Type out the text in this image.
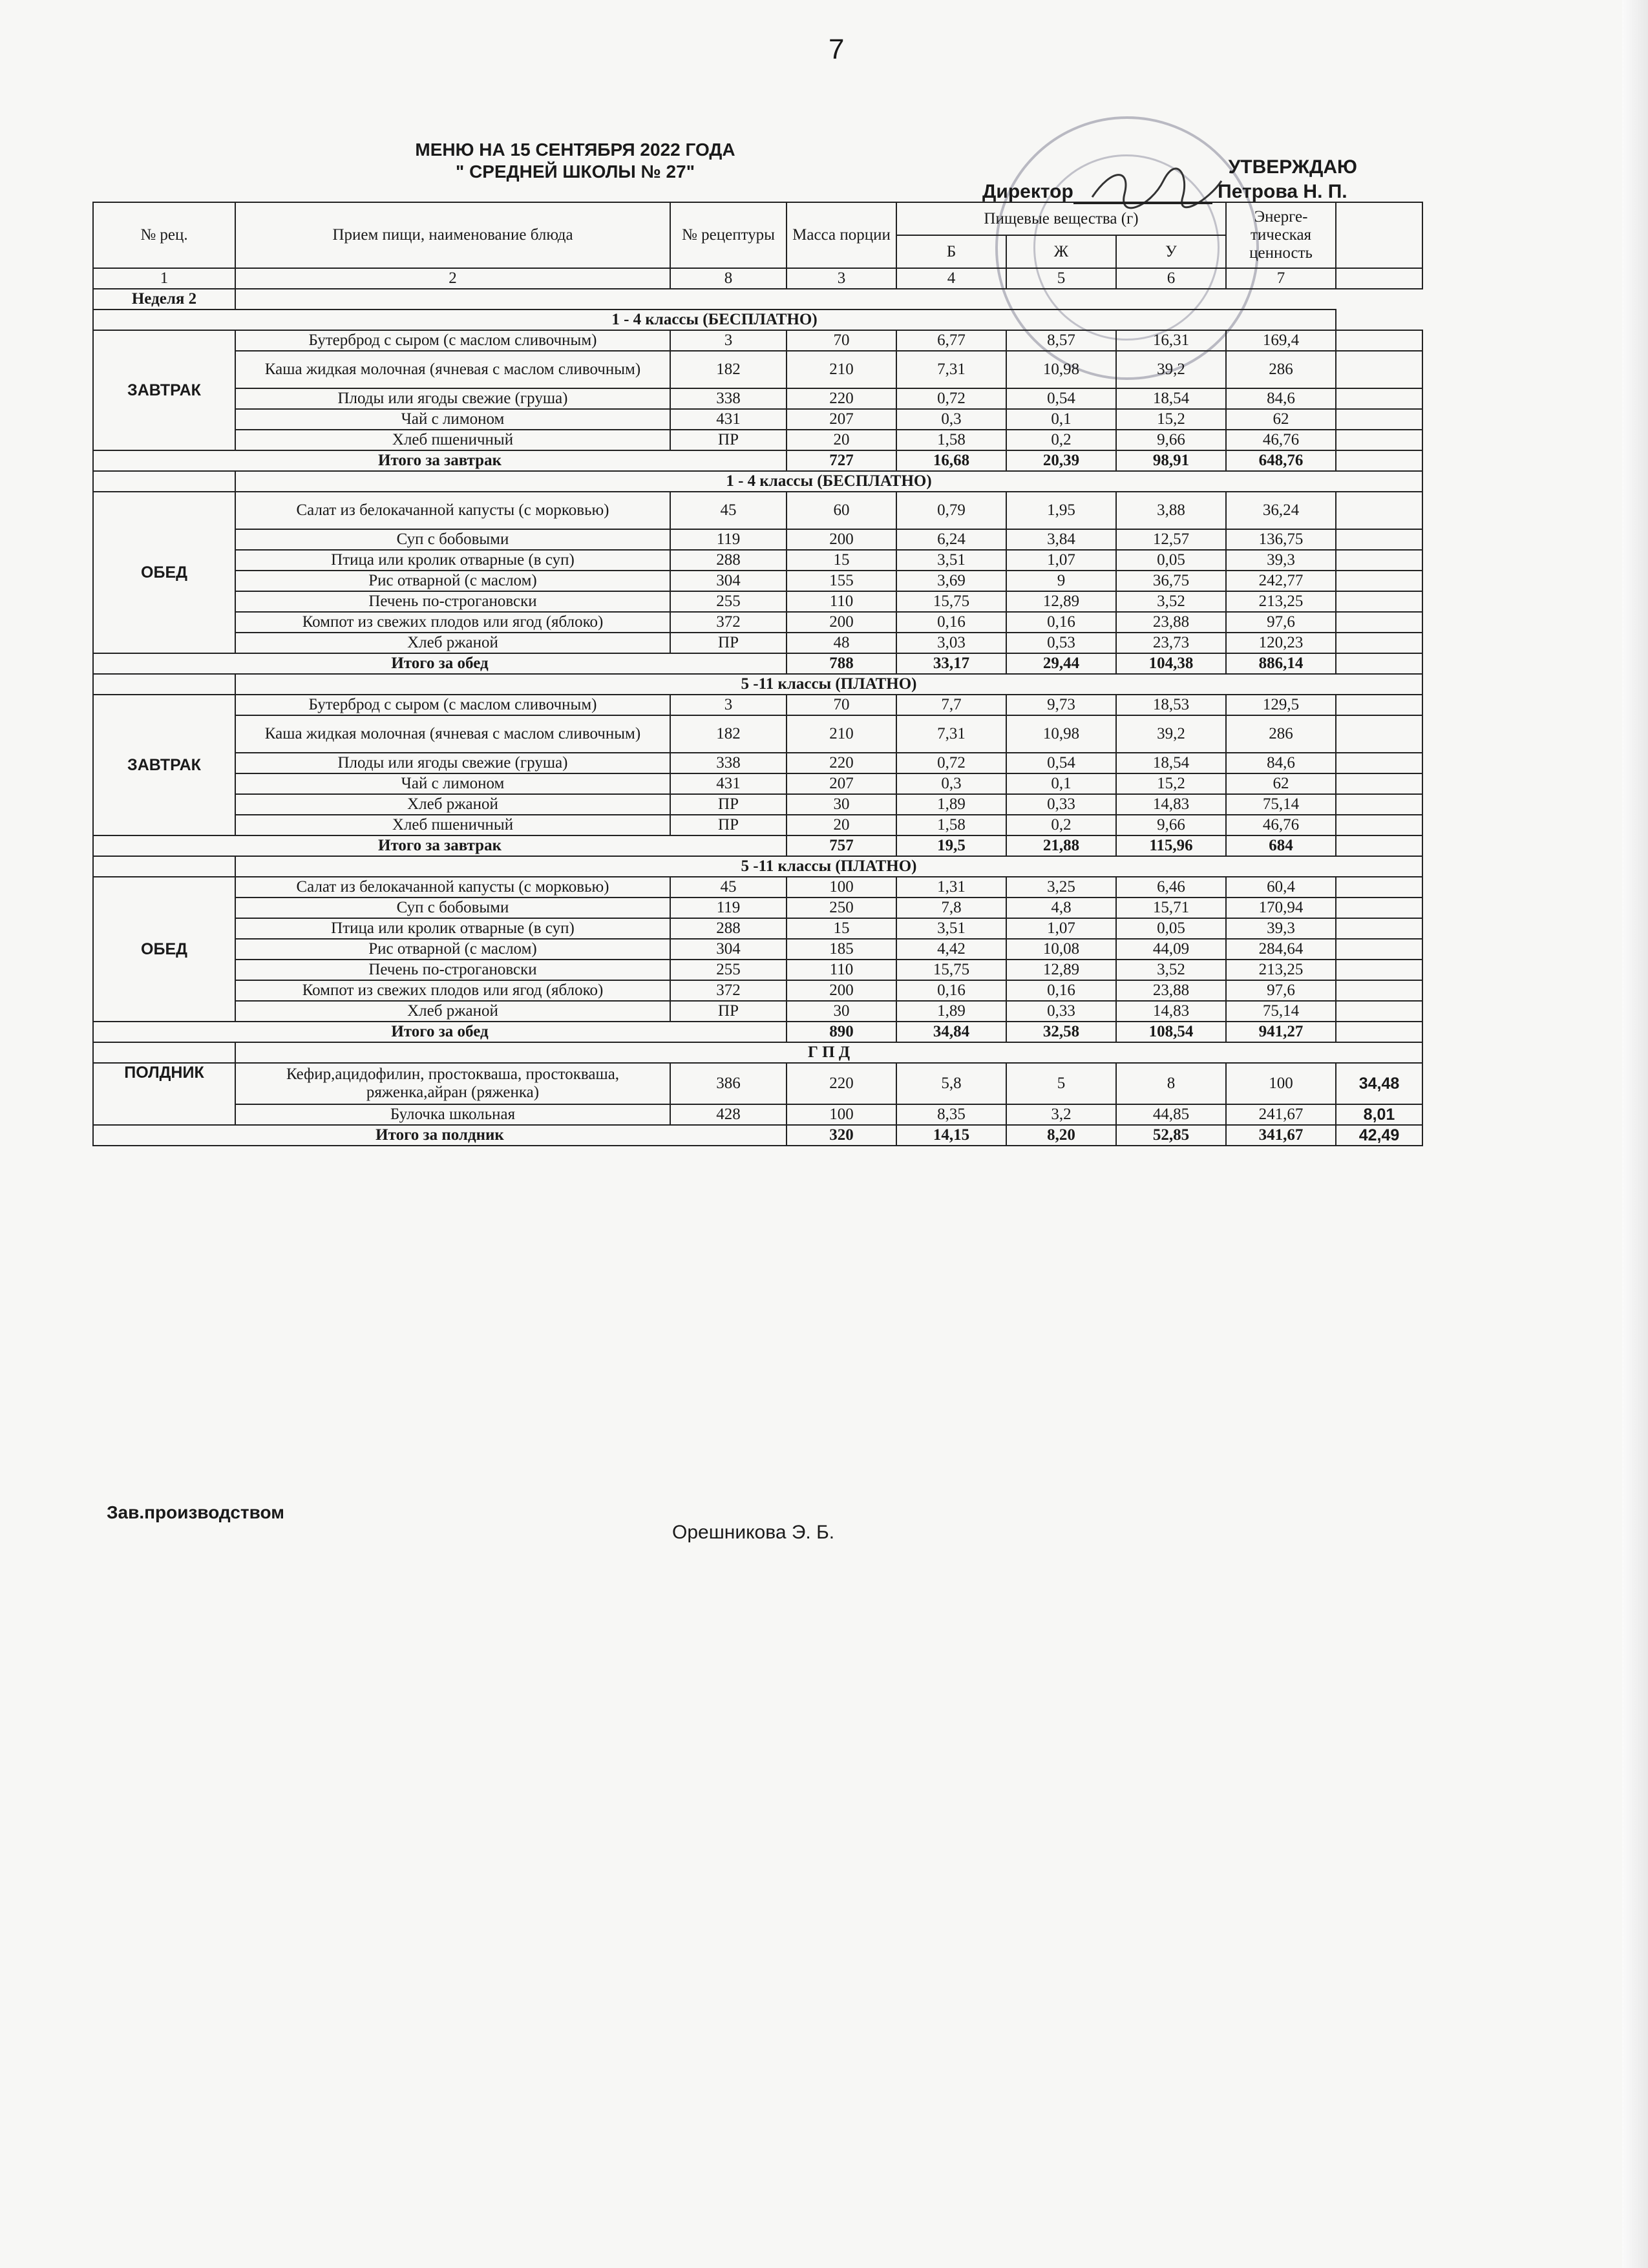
7
МЕНЮ НА 15 СЕНТЯБРЯ 2022 ГОДА
" СРЕДНЕЙ ШКОЛЫ № 27"	УТВЕРЖДАЮ
Директор	Петрова Н. П.
№ рец.	Прием пищи, наименование блюда	№ рецептуры	Масса порции	Пищевые вещества (г)			Энерге-тическая ценность	
				Б	Ж	У		
1	2	8	3	4	5	6	7	
Неделя 2								
1 - 4 классы (БЕСПЛАТНО)								
ЗАВТРАК	Бутерброд с сыром (с маслом сливочным)	3	70	6,77	8,57	16,31	169,4	
	Каша жидкая молочная (ячневая с маслом сливочным)	182	210	7,31	10,98	39,2	286	
	Плоды или ягоды свежие (груша)	338	220	0,72	0,54	18,54	84,6	
	Чай с лимоном	431	207	0,3	0,1	15,2	62	
	Хлеб пшеничный	ПР	20	1,58	0,2	9,66	46,76	
Итого за завтрак			727	16,68	20,39	98,91	648,76	
	1 - 4 классы (БЕСПЛАТНО)							
ОБЕД	Салат из белокачанной капусты (с морковью)	45	60	0,79	1,95	3,88	36,24	
	Суп с бобовыми	119	200	6,24	3,84	12,57	136,75	
	Птица или кролик отварные (в суп)	288	15	3,51	1,07	0,05	39,3	
	Рис отварной (с маслом)	304	155	3,69	9	36,75	242,77	
	Печень по-строгановски	255	110	15,75	12,89	3,52	213,25	
	Компот из свежих плодов или ягод (яблоко)	372	200	0,16	0,16	23,88	97,6	
	Хлеб ржаной	ПР	48	3,03	0,53	23,73	120,23	
Итого за обед			788	33,17	29,44	104,38	886,14	
	5 -11 классы (ПЛАТНО)							
ЗАВТРАК	Бутерброд с сыром (с маслом сливочным)	3	70	7,7	9,73	18,53	129,5	
	Каша жидкая молочная (ячневая с маслом сливочным)	182	210	7,31	10,98	39,2	286	
	Плоды или ягоды свежие (груша)	338	220	0,72	0,54	18,54	84,6	
	Чай с лимоном	431	207	0,3	0,1	15,2	62	
	Хлеб ржаной	ПР	30	1,89	0,33	14,83	75,14	
	Хлеб пшеничный	ПР	20	1,58	0,2	9,66	46,76	
Итого за завтрак			757	19,5	21,88	115,96	684	
	5 -11 классы (ПЛАТНО)							
ОБЕД	Салат из белокачанной капусты (с морковью)	45	100	1,31	3,25	6,46	60,4	
	Суп с бобовыми	119	250	7,8	4,8	15,71	170,94	
	Птица или кролик отварные (в суп)	288	15	3,51	1,07	0,05	39,3	
	Рис отварной (с маслом)	304	185	4,42	10,08	44,09	284,64	
	Печень по-строгановски	255	110	15,75	12,89	3,52	213,25	
	Компот из свежих плодов или ягод (яблоко)	372	200	0,16	0,16	23,88	97,6	
	Хлеб ржаной	ПР	30	1,89	0,33	14,83	75,14	
Итого за обед			890	34,84	32,58	108,54	941,27	
	Г П Д							
ПОЛДНИК	Кефир,ацидофилин, простокваша, простокваша, ряженка,айран (ряженка)	386	220	5,8	5	8	100	34,48
	Булочка школьная	428	100	8,35	3,2	44,85	241,67	8,01
Итого за полдник			320	14,15	8,20	52,85	341,67	42,49
Зав.производством
Орешникова Э. Б.
